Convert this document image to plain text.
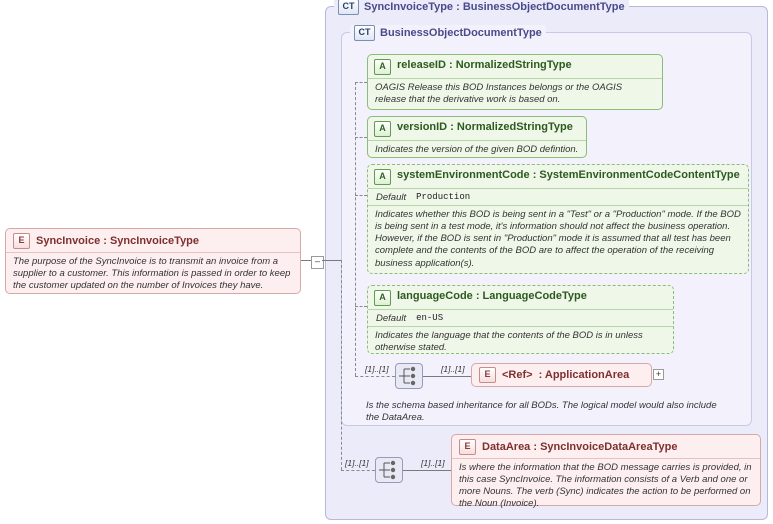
CT SyncInvoiceType : BusinessObjectDocumentType
CT BusinessObjectDocumentType
E	SyncInvoice : SyncInvoiceType
The purpose of the SyncInvoice is to transmit an invoice from a supplier to a customer. This information is passed in order to keep the customer updated on the number of Invoices they have.
–
A	releaseID : NormalizedStringType
OAGIS Release this BOD Instances belongs or the OAGIS release that the derivative work is based on.
A	versionID : NormalizedStringType
Indicates the version of the given BOD defintion.
A	systemEnvironmentCode : SystemEnvironmentCodeContentType
Default Production
Indicates whether this BOD is being sent in a "Test" or a "Production" mode. If the BOD is being sent in a test mode, it's information should not affect the business operation. However, if the BOD is sent in "Production" mode it is assumed that all test has been complete and the contents of the BOD are to affect the operation of the receiving business application(s).
A	languageCode : LanguageCodeType
Default en-US
Indicates the language that the contents of the BOD is in unless otherwise stated.
[1]..[1]	[1]..[1]	E	<Ref> : ApplicationArea	+
Is the schema based inheritance for all BODs. The logical model would also include the DataArea.
[1]..[1]	[1]..[1]
E	DataArea : SyncInvoiceDataAreaType
Is where the information that the BOD message carries is provided, in this case SyncInvoice. The information consists of a Verb and one or more Nouns. The verb (Sync) indicates the action to be performed on the Noun (Invoice).
